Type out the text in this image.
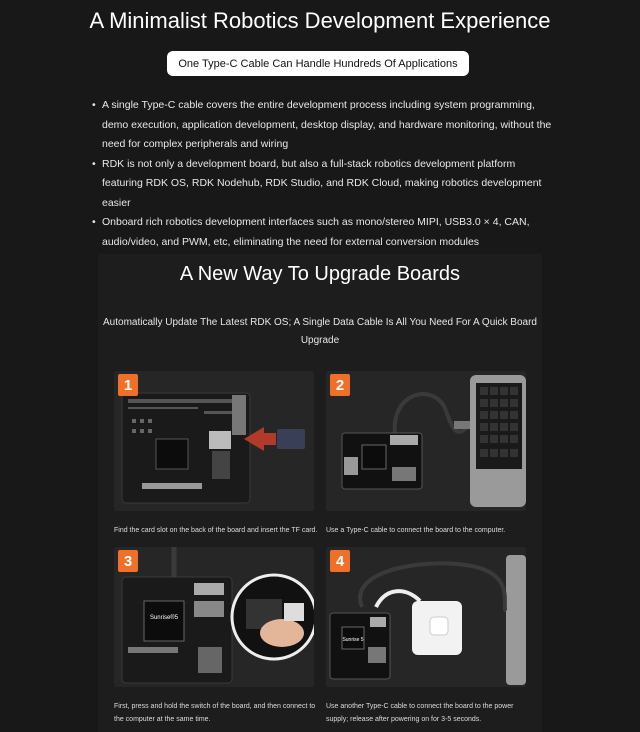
A Minimalist Robotics Development Experience
One Type-C Cable Can Handle Hundreds Of Applications
• A single Type-C cable covers the entire development process including system programming, demo execution, application development, desktop display, and hardware monitoring, without the need for complex peripherals and wiring
• RDK is not only a development board, but also a full-stack robotics development platform featuring RDK OS, RDK Nodehub, RDK Studio, and RDK Cloud, making robotics development easier
• Onboard rich robotics development interfaces such as mono/stereo MIPI, USB3.0 × 4, CAN, audio/video, and PWM, etc, eliminating the need for external conversion modules
A New Way To Upgrade Boards
Automatically Update The Latest RDK OS; A Single Data Cable Is All You Need For A Quick Board Upgrade
1
Find the card slot on the back of the board and insert the TF card.
2
Use a Type-C cable to connect the board to the computer.
Sunrise®5
3
First, press and hold the switch of the board, and then connect to the computer at the same time.
Sunrise 5
4
Use another Type-C cable to connect the board to the power supply; release after powering on for 3-5 seconds.
